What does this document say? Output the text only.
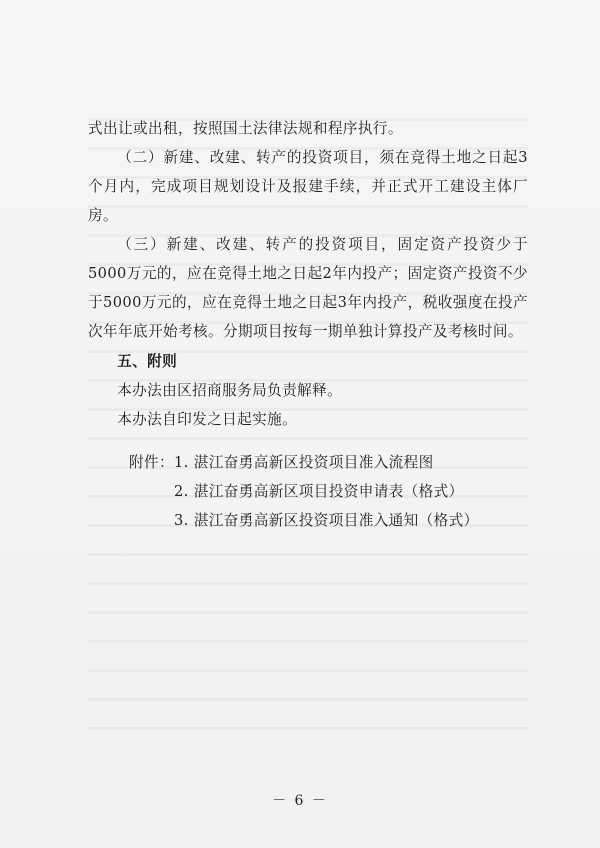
式出让或出租，按照国土法律法规和程序执行。

（二）新建、改建、转产的投资项目，须在竞得土地之日起3个月内，完成项目规划设计及报建手续，并正式开工建设主体厂房。

（三）新建、改建、转产的投资项目，固定资产投资少于5000万元的，应在竞得土地之日起2年内投产；固定资产投资不少于5000万元的，应在竞得土地之日起3年内投产，税收强度在投产次年年底开始考核。分期项目按每一期单独计算投产及考核时间。

五、附则

本办法由区招商服务局负责解释。

本办法自印发之日起实施。

附件： 1. 湛江奋勇高新区投资项目准入流程图
2. 湛江奋勇高新区项目投资申请表（格式）
3. 湛江奋勇高新区投资项目准入通知（格式）
－ 6 －
